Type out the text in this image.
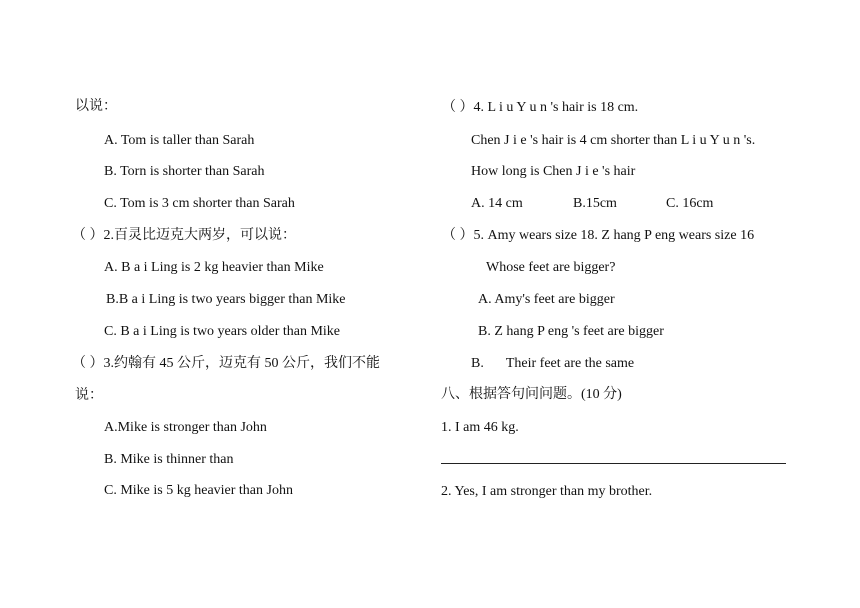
以说：
A. Tom is taller than Sarah
B. Torn is shorter than Sarah
C. Tom is 3 cm shorter than Sarah
（ ）2.百灵比迈克大两岁，可以说：
A. B a i Ling is 2 kg heavier than Mike
B.B a i Ling is two years bigger than Mike
C. B a i Ling is two years older than Mike
（ ）3.约翰有 45 公斤，迈克有 50 公斤，我们不能
说：
A.Mike is stronger than John
B. Mike is thinner than
C. Mike is 5 kg heavier than John
（ ）4. L i u Y u n 's hair is 18 cm.
Chen J i e 's hair is 4 cm shorter than L i u Y u n 's.
How long is Chen J i e 's hair
A. 14 cm	B.15cm	C. 16cm
（ ）5. Amy wears size 18. Z hang P eng wears size 16
Whose feet are bigger?
A. Amy's feet are bigger
B. Z hang P eng 's feet are bigger
B. Their feet are the same
八、根据答句问问题。(10 分)
1. I am 46 kg.
2. Yes, I am stronger than my brother.
